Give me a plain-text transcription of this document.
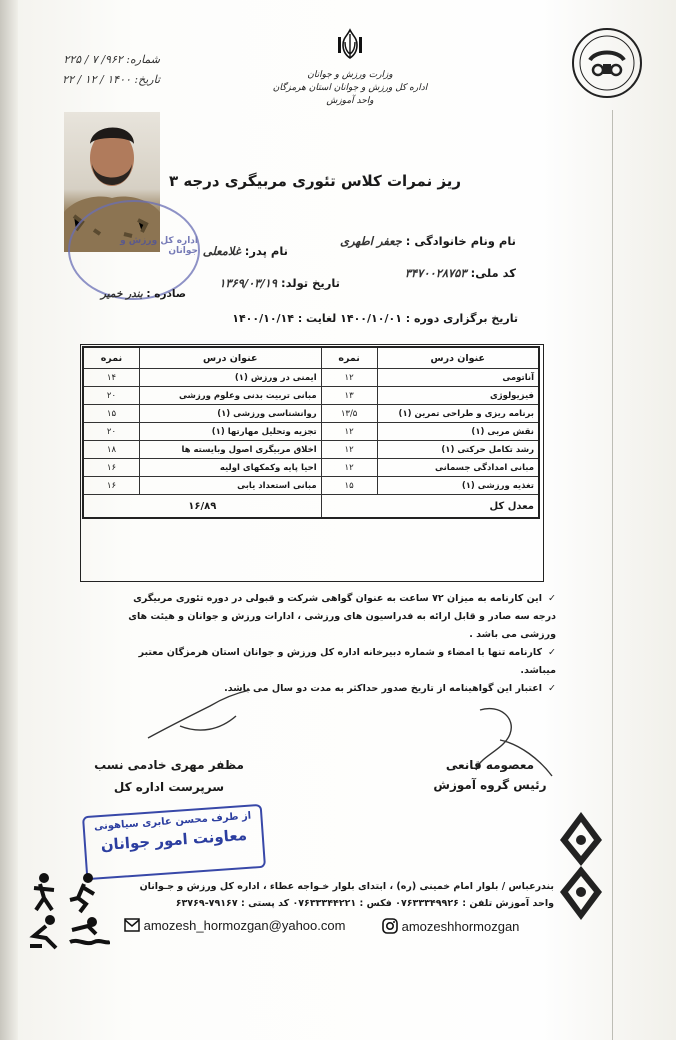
شماره: ۹۶۲/ ۷ / ۲۲۵
تاریخ: ۱۴۰۰ / ۱۲ / ۲۲	وزارت ورزش و جوانان
اداره کل ورزش و جوانان استان هرمزگان
واحد آموزش
اداره کل ورزش و جوانان
ریز نمرات کلاس تئوری مربیگری درجه ۳
نام ونام خانوادگی : جعفر اطهری
نام پدر: غلامعلی
کد ملی: ۳۴۷۰۰۲۸۷۵۳
تاریخ تولد: ۱۳۶۹/۰۳/۱۹
صادره : بندر خمیر
تاریخ برگزاری دوره : ۱۴۰۰/۱۰/۰۱ لغایت : ۱۴۰۰/۱۰/۱۴
عنوان درس	نمره	عنوان درس	نمره
آناتومی	۱۲	ایمنی در ورزش (۱)	۱۴
فیزیولوژی	۱۳	مبانی تربیت بدنی وعلوم ورزشی	۲۰
برنامه ریزی و طراحی تمرین (۱)	۱۳/۵	روانشناسی ورزشی (۱)	۱۵
نقش مربی (۱)	۱۲	تجزیه وتحلیل مهارتها (۱)	۲۰
رشد تکامل حرکتی (۱)	۱۲	اخلاق مربیگری اصول وبایسته ها	۱۸
مبانی امدادگی جسمانی	۱۲	احیا پایه وکمکهای اولیه	۱۶
تغذیه ورزشی (۱)	۱۵	مبانی استعداد یابی	۱۶
معدل کل		۱۶/۸۹	
✓این کارنامه به میزان ۷۲ ساعت به عنوان گواهی شرکت و قبولی در دوره تئوری مربیگری درجه سه صادر و قابل ارائه به فدراسیون های ورزشی ، ادارات ورزش و جوانان و هیئت های ورزشی می باشد .
✓کارنامه تنها با امضاء و شماره دبیرخانه اداره کل ورزش و جوانان استان هرمزگان معتبر میباشد.
✓اعتبار این گواهینامه از تاریخ صدور حداکثر به مدت دو سال می باشد.
معصومه قانعی
رئیس گروه آموزش
مظفر مهری خادمی نسب
سرپرست اداره کل
از طرف محسن عابری سیاهونی
معاونت امور جوانان
بندرعباس / بلوار امام خمینی (ره) ، ابتدای بلوار خـواجه عطاء ، اداره کل ورزش و جـوانان
واحد آموزش تلفن : ۰۷۶۳۳۳۴۹۹۲۶ فکس : ۰۷۶۳۳۳۴۴۲۲۱ کد پستی : ۷۹۱۶۷-۶۳۷۶۹
amozesh_hormozgan@yahoo.com	amozeshhormozgan
